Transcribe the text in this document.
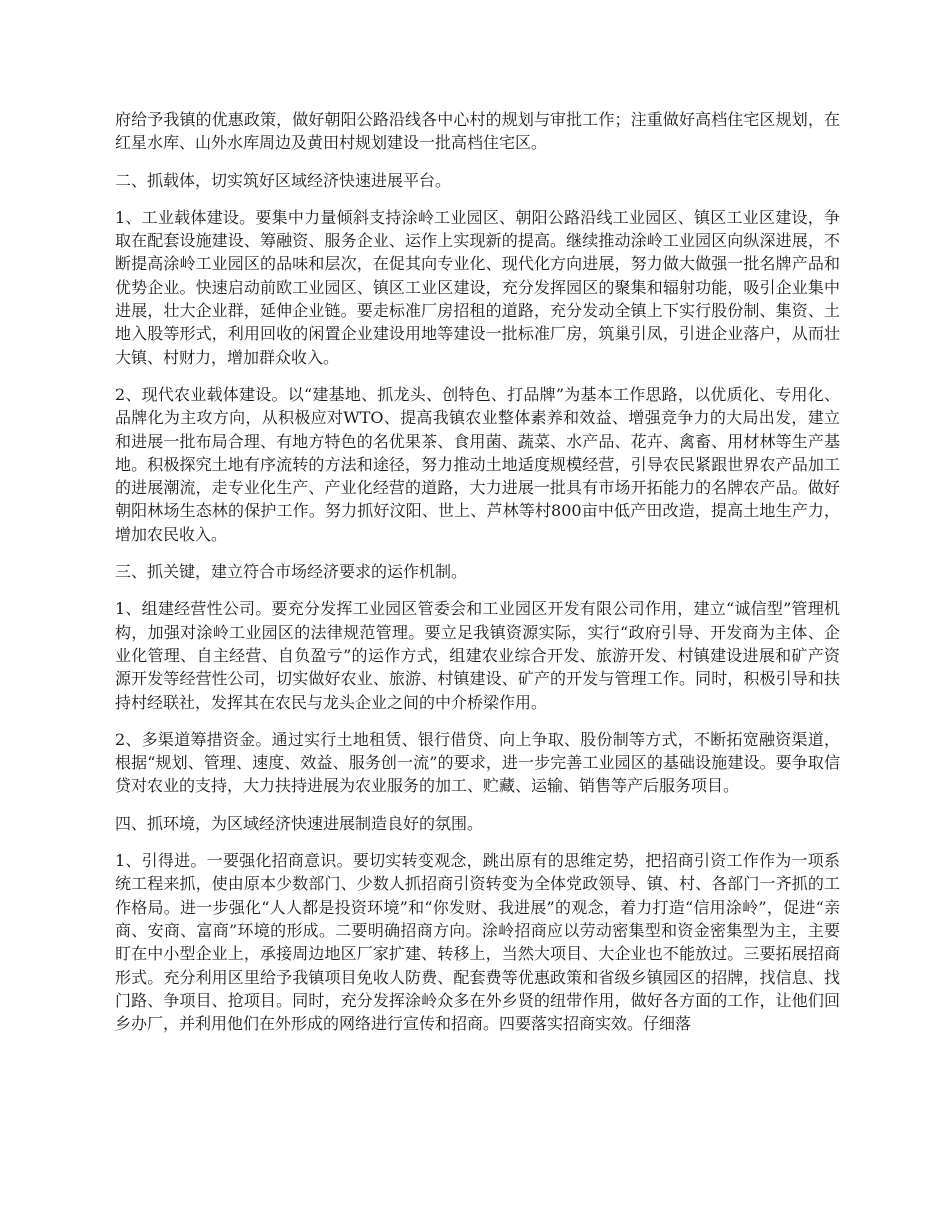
府给予我镇的优惠政策，做好朝阳公路沿线各中心村的规划与审批工作；注重做好高档住宅区规划，在红星水库、山外水库周边及黄田村规划建设一批高档住宅区。

二、抓载体，切实筑好区域经济快速进展平台。

1、工业载体建设。要集中力量倾斜支持涂岭工业园区、朝阳公路沿线工业园区、镇区工业区建设，争取在配套设施建设、筹融资、服务企业、运作上实现新的提高。继续推动涂岭工业园区向纵深进展，不断提高涂岭工业园区的品味和层次，在促其向专业化、现代化方向进展，努力做大做强一批名牌产品和优势企业。快速启动前欧工业园区、镇区工业区建设，充分发挥园区的聚集和辐射功能，吸引企业集中进展，壮大企业群，延伸企业链。要走标准厂房招租的道路，充分发动全镇上下实行股份制、集资、土地入股等形式，利用回收的闲置企业建设用地等建设一批标准厂房，筑巢引凤，引进企业落户，从而壮大镇、村财力，增加群众收入。

2、现代农业载体建设。以“建基地、抓龙头、创特色、打品牌”为基本工作思路，以优质化、专用化、品牌化为主攻方向，从积极应对WTO、提高我镇农业整体素养和效益、增强竞争力的大局出发，建立和进展一批布局合理、有地方特色的名优果茶、食用菌、蔬菜、水产品、花卉、禽畜、用材林等生产基地。积极探究土地有序流转的方法和途径，努力推动土地适度规模经营，引导农民紧跟世界农产品加工的进展潮流，走专业化生产、产业化经营的道路，大力进展一批具有市场开拓能力的名牌农产品。做好朝阳林场生态林的保护工作。努力抓好汶阳、世上、芦林等村800亩中低产田改造，提高土地生产力，增加农民收入。

三、抓关键，建立符合市场经济要求的运作机制。

1、组建经营性公司。要充分发挥工业园区管委会和工业园区开发有限公司作用，建立“诚信型”管理机构，加强对涂岭工业园区的法律规范管理。要立足我镇资源实际，实行“政府引导、开发商为主体、企业化管理、自主经营、自负盈亏”的运作方式，组建农业综合开发、旅游开发、村镇建设进展和矿产资源开发等经营性公司，切实做好农业、旅游、村镇建设、矿产的开发与管理工作。同时，积极引导和扶持村经联社，发挥其在农民与龙头企业之间的中介桥梁作用。

2、多渠道筹措资金。通过实行土地租赁、银行借贷、向上争取、股份制等方式，不断拓宽融资渠道，根据“规划、管理、速度、效益、服务创一流”的要求，进一步完善工业园区的基础设施建设。要争取信贷对农业的支持，大力扶持进展为农业服务的加工、贮藏、运输、销售等产后服务项目。

四、抓环境，为区域经济快速进展制造良好的氛围。

1、引得进。一要强化招商意识。要切实转变观念，跳出原有的思维定势，把招商引资工作作为一项系统工程来抓，使由原本少数部门、少数人抓招商引资转变为全体党政领导、镇、村、各部门一齐抓的工作格局。进一步强化“人人都是投资环境”和“你发财、我进展”的观念，着力打造“信用涂岭”，促进“亲商、安商、富商”环境的形成。二要明确招商方向。涂岭招商应以劳动密集型和资金密集型为主，主要盯在中小型企业上，承接周边地区厂家扩建、转移上，当然大项目、大企业也不能放过。三要拓展招商形式。充分利用区里给予我镇项目免收人防费、配套费等优惠政策和省级乡镇园区的招牌，找信息、找门路、争项目、抢项目。同时，充分发挥涂岭众多在外乡贤的纽带作用，做好各方面的工作，让他们回乡办厂，并利用他们在外形成的网络进行宣传和招商。四要落实招商实效。仔细落
